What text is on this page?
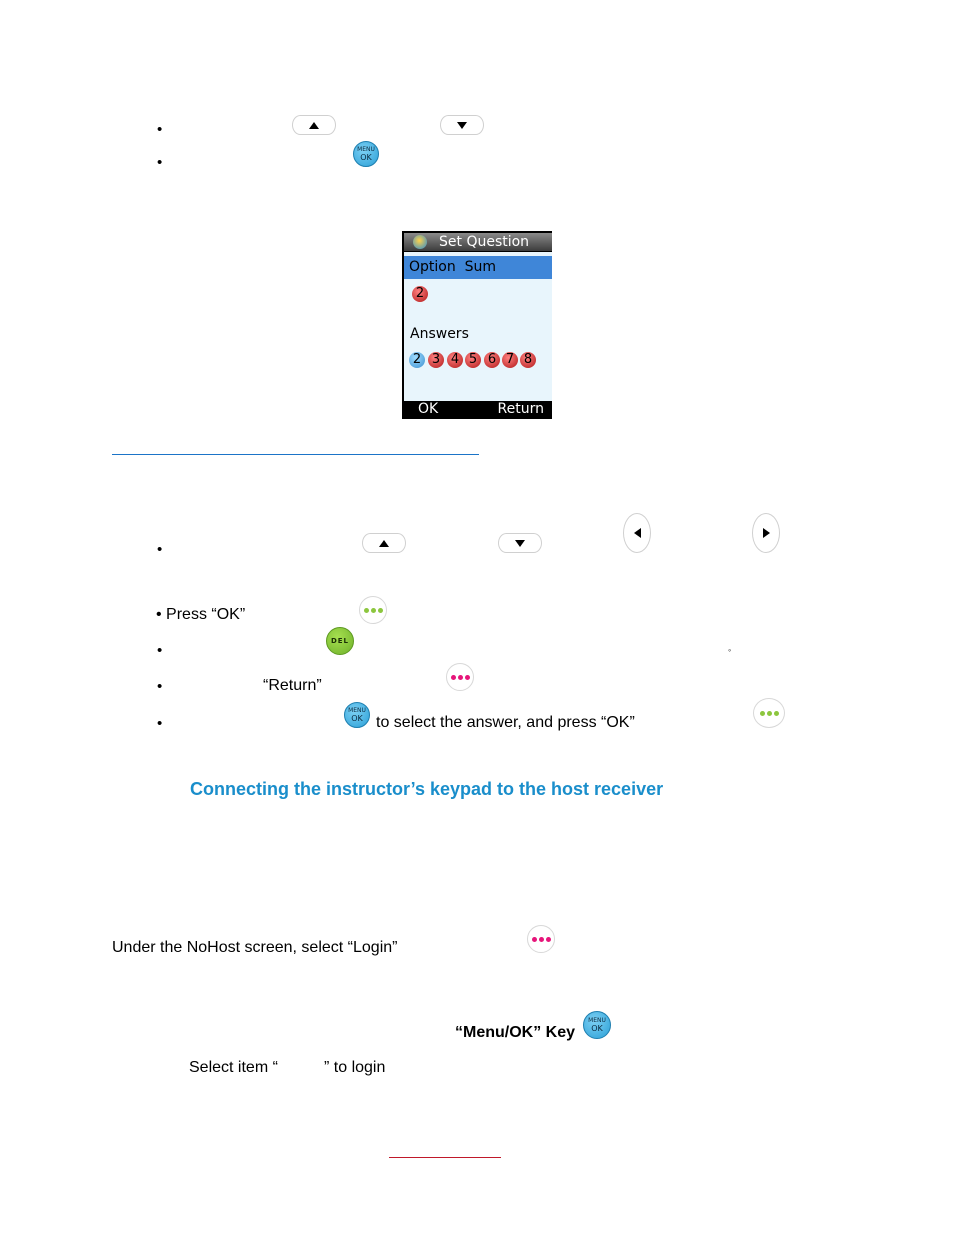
•
•
MENU
OK
Set Question
Option  Sum
2
Answers
2 3 4 5 6 7 8
OK	Return
•
• Press “OK”
•
DEL
◦
•	“Return”
•
MENU
OK to select the answer, and press “OK”
Connecting the instructor’s keypad to the host receiver
Under the NoHost screen, select “Login”
“Menu/OK” Key
MENU
OK
Select item “	” to login
